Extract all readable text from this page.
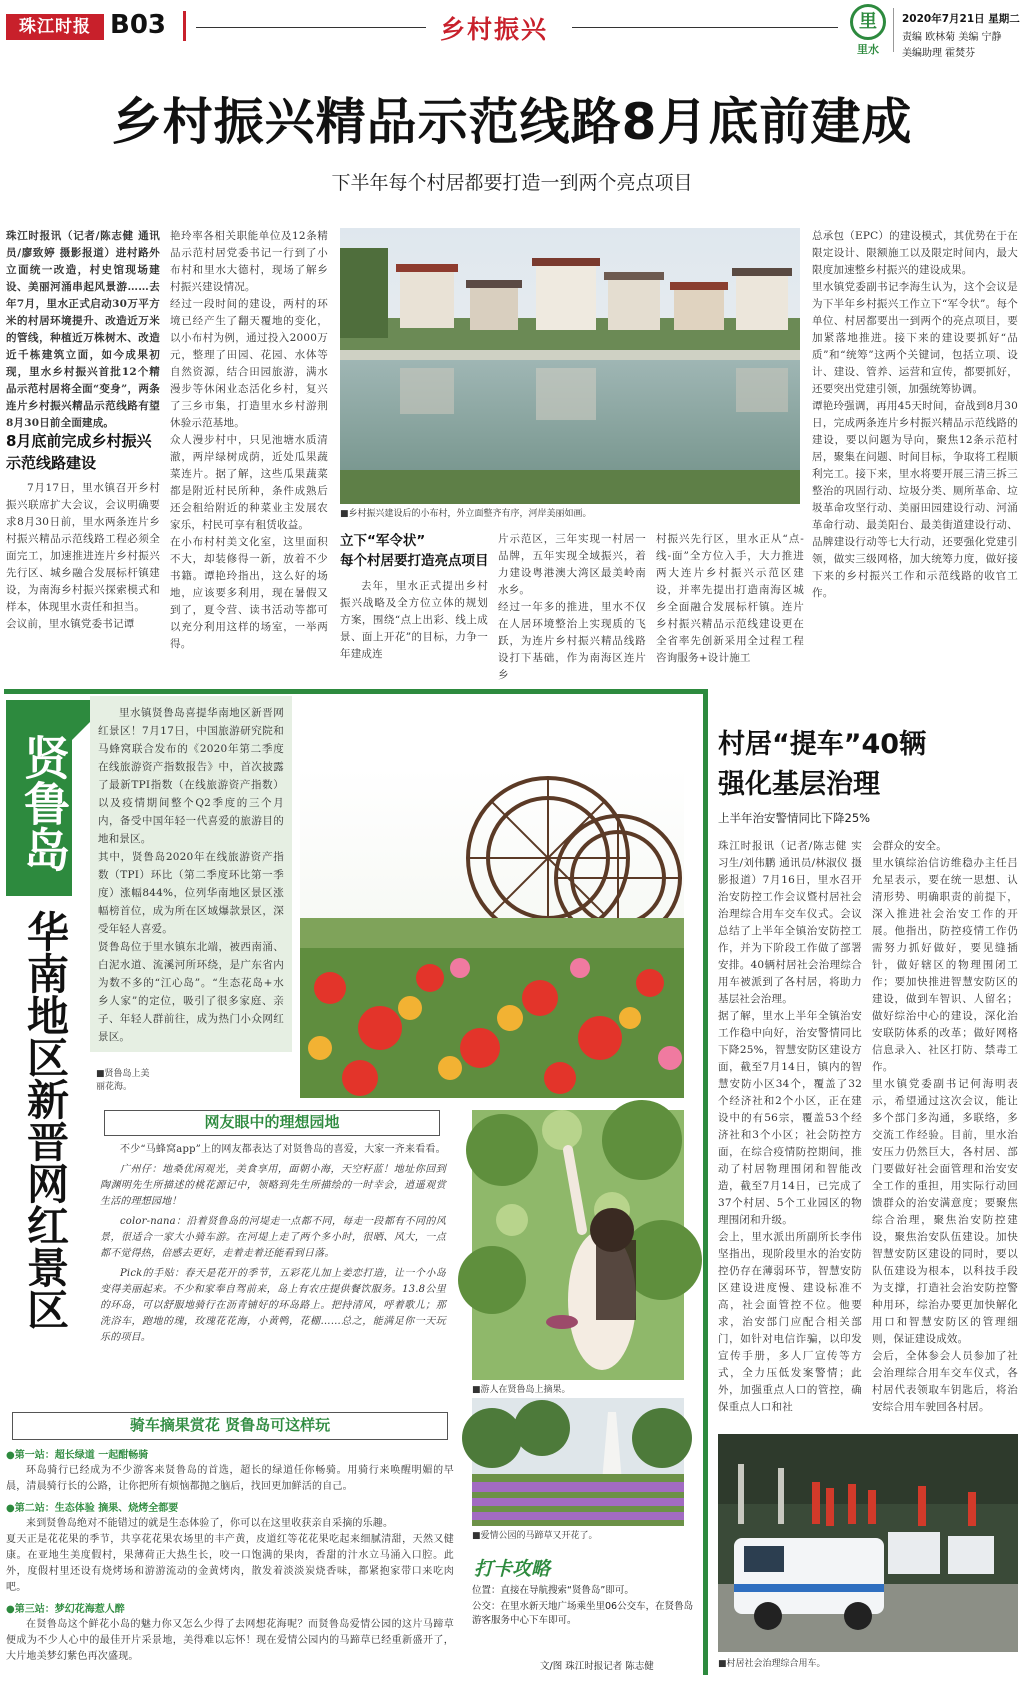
珠江时报 B03	乡村振兴	里
里水
2020年7月21日 星期二
责编 欧林菊 美编 宁静
美编助理 霍焚芬
乡村振兴精品示范线路8月底前建成
下半年每个村居都要打造一到两个亮点项目
珠江时报讯（记者/陈志健 通讯员/廖致婷 摄影报道）进村路外立面统一改造，村史馆现场建设、美丽河涌串起风景游……去年7月，里水正式启动30万平方米的村居环境提升、改造近万米的管线，种植近万株树木、改造近千栋建筑立面，如今成果初现，里水乡村振兴首批12个精品示范村居将全面“变身”，两条连片乡村振兴精品示范线路有望8月30日前全面建成。
8月底前完成乡村振兴示范线路建设
7月17日，里水镇召开乡村振兴联席扩大会议，会议明确要求8月30日前，里水两条连片乡村振兴精品示范线路工程必须全面完工，加速推进连片乡村振兴先行区、城乡融合发展标杆镇建设，为南海乡村振兴探索模式和样本，体现里水责任和担当。
会议前，里水镇党委书记谭
艳玲率各相关职能单位及12条精品示范村居党委书记一行到了小布村和里水大德村，现场了解乡村振兴建设情况。
经过一段时间的建设，两村的环境已经产生了翻天覆地的变化，以小布村为例，通过投入2000万元，整理了田园、花园、水体等自然资源，结合田园旅游，满水漫步等休闲业态活化乡村，复兴了三乡市集，打造里水乡村游荆休验示范基地。
众人漫步村中，只见池塘水质清澈，两岸绿树成荫，近处瓜果蔬菜连片。据了解，这些瓜果蔬菜都是附近村民所种，条件成熟后还会租给附近的种菜业主发展农家乐，村民可享有租赁收益。
在小布村村美文化室，这里面积不大，却装修得一新，放着不少书籍。谭艳玲指出，这么好的场地，应该要多利用，现在暑假又到了，夏令营、读书活动等都可以充分利用这样的场室，一举两得。
■乡村振兴建设后的小布村，外立面整齐有序，河岸美丽如画。
立下“军令状”
每个村居要打造亮点项目
去年，里水正式提出乡村振兴战略及全方位立体的规划方案，围绕“点上出彩、线上成景、面上开花”的目标，力争一年建成连
片示范区，三年实现一村居一品牌，五年实现全域振兴，着力建设粤港澳大湾区最美岭南水乡。
经过一年多的推进，里水不仅在人居环境整治上实现质的飞跃，为连片乡村振兴精品线路设打下基础，作为南海区连片乡
村振兴先行区，里水正从“点-线-面”全方位入手，大力推进两大连片乡村振兴示范区建设，并率先提出打造南海区城乡全面融合发展标杆镇。连片乡村振兴精品示范线建设更在全省率先创新采用全过程工程咨询服务+设计施工
总承包（EPC）的建设模式，其优势在于在限定设计、限额施工以及限定时间内，最大限度加速整乡村振兴的建设成果。
里水镇党委副书记李海生认为，这个会议是为下半年乡村振兴工作立下“军令状”。每个单位、村居都要出一到两个的亮点项目，要加紧落地推进。接下来的建设要抓好“品质”和“统筹”这两个关键词，包括立项、设计、建设、管养、运营和宣传，都要抓好，还要突出党建引领，加强统筹协调。
谭艳玲强调，再用45天时间，奋战到8月30日，完成两条连片乡村振兴精品示范线路的建设，要以问题为导向，聚焦12条示范村居，聚集在问题、时间目标，争取将工程顺利完工。接下来，里水将要开展三清三拆三整治的巩固行动、垃圾分类、厕所革命、垃圾革命攻坚行动、美丽田园建设行动、河涌革命行动、最美阳台、最美街道建设行动、品牌建设行动等七大行动，还要强化党建引领，做实三级网格，加大统筹力度，做好接下来的乡村振兴工作和示范线路的收官工作。
贤鲁岛
华南地区新晋网红景区
里水镇贤鲁岛喜提华南地区新晋网红景区！7月17日，中国旅游研究院和马蜂窝联合发布的《2020年第二季度在线旅游资产指数报告》中，首次披露了最新TPI指数（在线旅游资产指数）以及疫情期间整个Q2季度的三个月内，备受中国年轻一代喜爱的旅游目的地和景区。
其中，贤鲁岛2020年在线旅游资产指数（TPI）环比（第二季度环比第一季度）涨幅844%，位列华南地区景区涨幅榜首位，成为所在区域爆款景区，深受年轻人喜爱。
贤鲁岛位于里水镇东北端，被西南涌、白泥水道、流溪河所环绕，是广东省内为数不多的“江心岛”。“生态花岛+水乡人家”的定位，吸引了很多家庭、亲子、年轻人群前往，成为热门小众网红景区。
■贤鲁岛上美丽花海。
网友眼中的理想园地
不少“马蜂窝app”上的网友都表达了对贤鲁岛的喜爱，大家一齐来看看。
广州仔：地桑优闲观光，美食享用，面朝小海，天空籽蓝！地址你回到陶渊明先生所描述的桃花源记中，领略到先生所描绘的一时幸会，逍遥观赏生活的理想园地！
color-nana：沿着贤鲁岛的河堤走一点都不同，每走一段都有不同的风景，很适合一家大小骑车游。在河堤上走了两个多小时，很晒、风大，一点都不觉得热，倍感去更好，走着走着还能看到日落。
Pick的手贴：春天是花开的季节，五彩花儿加上姜恋打造，让一个小岛变得美丽起来。不少和家奉自驾前来，岛上有农庄提供餐饮服务。13.8公里的环岛，可以舒服地骑行在沥青铺好的环岛路上。把持清风，呼着歌儿；那洗浴车，跑地的瑰，玫瑰花花海，小黄鸭，花棚……总之，能满足你一天玩乐的项目。
■游人在贤鲁岛上摘果。
骑车摘果赏花 贤鲁岛可这样玩
●第一站：超长绿道 一起酣畅骑
环岛骑行已经成为不少游客来贤鲁岛的首选，超长的绿道任你畅骑。用骑行来唤醒明媚的早晨，清晨骑行长的公路，让你把所有烦恼都抛之脑后，找回更加鲜活的自己。
●第二站：生态体验 摘果、烧烤全都要
来到贤鲁岛绝对不能错过的就是生态体验了，你可以在这里收获亲自采摘的乐趣。
夏天正是花花果的季节，共享花花果农场里的丰产黄，皮道红等花花果吃起来细腻清甜，天然又健康。在亚地生美度假村，果薄荷正大热生长，咬一口饱满的果肉，香甜的汁水立马涌入口腔。此外，度假村里还设有烧烤场和游游流动的金黄烤肉，散发着淡淡炭烧香味，都紧抱家带口来吃肉吧。
●第三站：梦幻花海惹人醉
在贤鲁岛这个鲜花小岛的魅力你又怎么少得了去网想花海呢？而贤鲁岛爱情公园的这片马蹄草便成为不少人心中的最佳开片采景地，美得难以忘怀！现在爱情公园内的马蹄草已经重新盛开了，大片地美梦幻紫色再次盛现。
■爱情公园的马蹄草又开花了。
打卡攻略
位置：直接在导航搜索“贤鲁岛”即可。
公交：在里水新天地广场乘坐里06公交车，在贤鲁岛游客服务中心下车即可。
文/图 珠江时报记者 陈志健
村居“提车”40辆
强化基层治理
上半年治安警情同比下降25%
珠江时报讯（记者/陈志健 实习生/刘伟鹏 通讯员/林淑仪 摄影报道）7月16日，里水召开治安防控工作会议暨村居社会治理综合用车交车仪式。会议总结了上半年全镇治安防控工作，并为下阶段工作做了部署安排。40辆村居社会治理综合用车被派到了各村居，将助力基层社会治理。
据了解，里水上半年全镇治安工作稳中向好，治安警情同比下降25%，智慧安防区建设方面，截至7月14日，镇内的智慧安防小区34个，覆盖了32个经济社和2个小区，正在建设中的有56宗，覆盖53个经济社和3个小区；社会防控方面，在综合疫情防控期间，推动了村居物理围闭和智能改造，截至7月14日，已完成了37个村居、5个工业园区的物理围闭和升级。
会上，里水派出所副所长李伟坚指出，现阶段里水的治安防控仍存在薄弱环节，智慧安防区建设进度慢、建设标准不高，社会面管控不位。他要求，治安部门应配合相关部门，如针对电信诈骗，以印发宣传手册，多人厂宣传等方式，全力压低发案警情；此外，加强重点人口的管控，确保重点人口和社
会群众的安全。
里水镇综治信访维稳办主任吕允星表示，要在统一思想、认清形势、明确职责的前提下，深入推进社会治安工作的开展。他指出，防控疫情工作仍需努力抓好做好，要见缝插针，做好辖区的物理围闭工作；要加快推进智慧安防区的建设，做到车智识、人留名；做好综治中心的建设，深化治安联防体系的改革；做好网格信息录入、社区打防、禁毒工作。
里水镇党委副书记何海明表示，希望通过这次会议，能让多个部门多沟通，多联络，多交流工作经验。目前，里水治安压力仍然巨大，各村居、部门要做好社会面管理和治安安全工作的重担，用实际行动回馈群众的治安满意度；要聚焦综合治理，聚焦治安防控建设，聚焦治安队伍建设。加快智慧安防区建设的同时，要以队伍建设为根本，以科技手段为支撑，打造社会治安防控警种用环，综治办要更加快解化用口和智慧安防区的管理细则，保证建设成效。
会后，全体参会人员参加了社会治理综合用车交车仪式，各村居代表领取车钥匙后，将治安综合用车驶回各村居。
■村居社会治理综合用车。
